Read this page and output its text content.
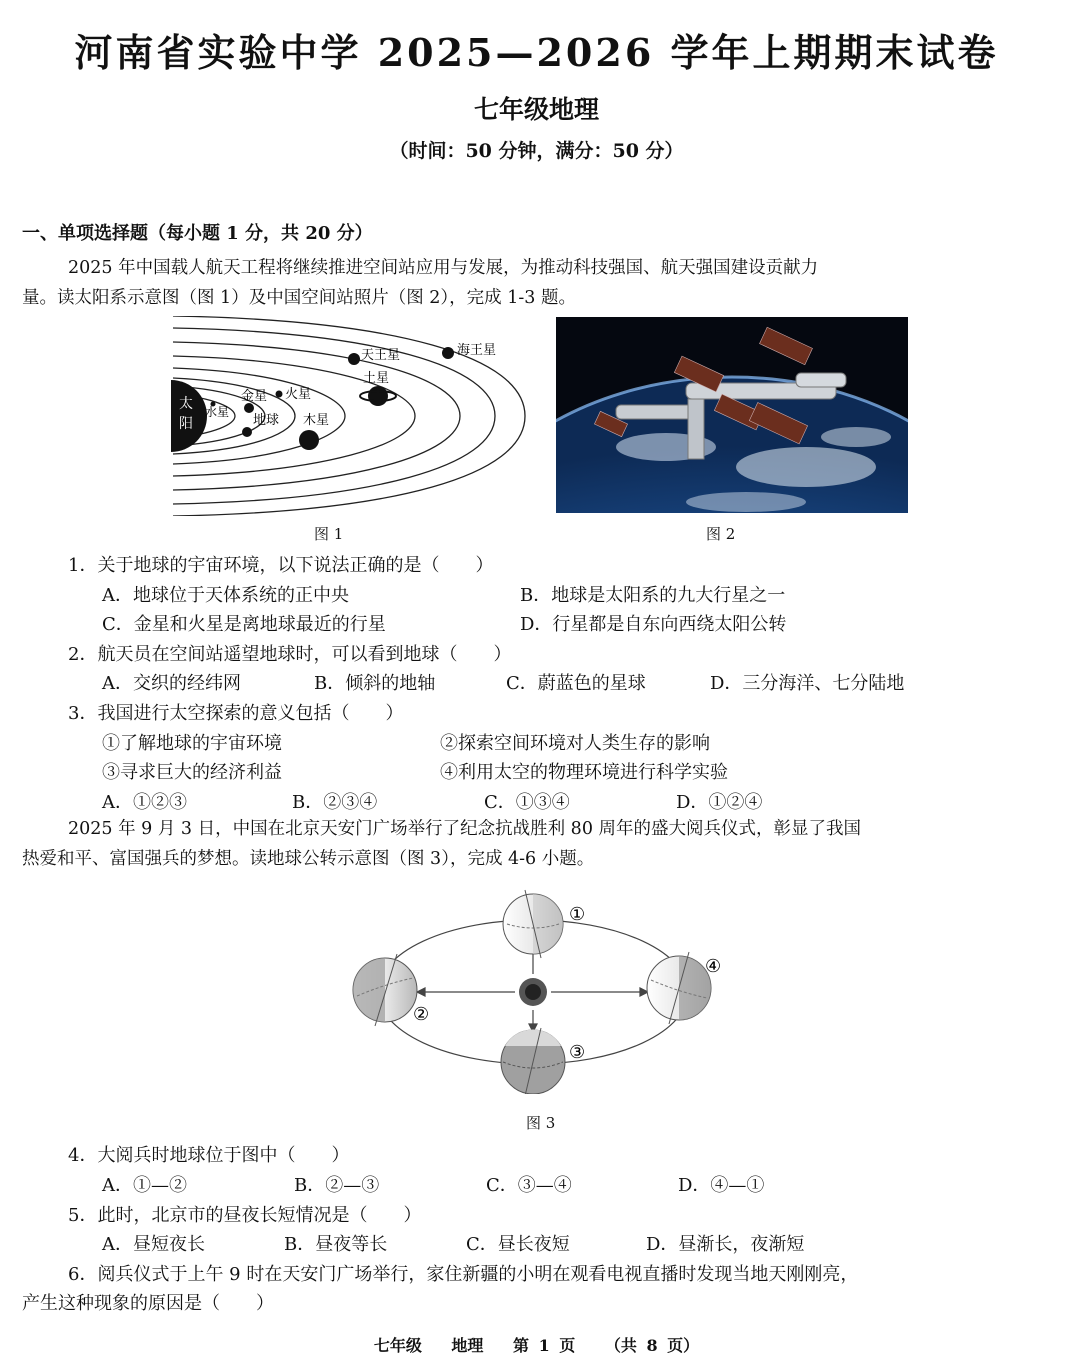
河南省实验中学 2025—2026 学年上期期末试卷
七年级地理
（时间：50 分钟，满分：50 分）
一、单项选择题（每小题 1 分，共 20 分）
2025 年中国载人航天工程将继续推进空间站应用与发展，为推动科技强国、航天强国建设贡献力
量。读太阳系示意图（图 1）及中国空间站照片（图 2），完成 1-3 题。
太
阳
水星
金星
地球
火星
木星
土星
天王星	海王星
图 1	图 2
1．关于地球的宇宙环境，以下说法正确的是（　　）
A．地球位于天体系统的正中央	B．地球是太阳系的九大行星之一
C．金星和火星是离地球最近的行星	D．行星都是自东向西绕太阳公转
2．航天员在空间站遥望地球时，可以看到地球（　　）
A．交织的经纬网	B．倾斜的地轴	C．蔚蓝色的星球	D．三分海洋、七分陆地
3．我国进行太空探索的意义包括（　　）
①了解地球的宇宙环境	②探索空间环境对人类生存的影响
③寻求巨大的经济利益	④利用太空的物理环境进行科学实验
A．①②③	B．②③④	C．①③④	D．①②④
2025 年 9 月 3 日，中国在北京天安门广场举行了纪念抗战胜利 80 周年的盛大阅兵仪式，彰显了我国
热爱和平、富国强兵的梦想。读地球公转示意图（图 3），完成 4-6 小题。
①
②
③
④
图 3
4．大阅兵时地球位于图中（　　）
A．①—②	B．②—③	C．③—④	D．④—①
5．此时，北京市的昼夜长短情况是（　　）
A．昼短夜长	B．昼夜等长	C．昼长夜短	D．昼渐长，夜渐短
6．阅兵仪式于上午 9 时在天安门广场举行，家住新疆的小明在观看电视直播时发现当地天刚刚亮，
产生这种现象的原因是（　　）
七年级 地理 第 1 页 （共 8 页）
